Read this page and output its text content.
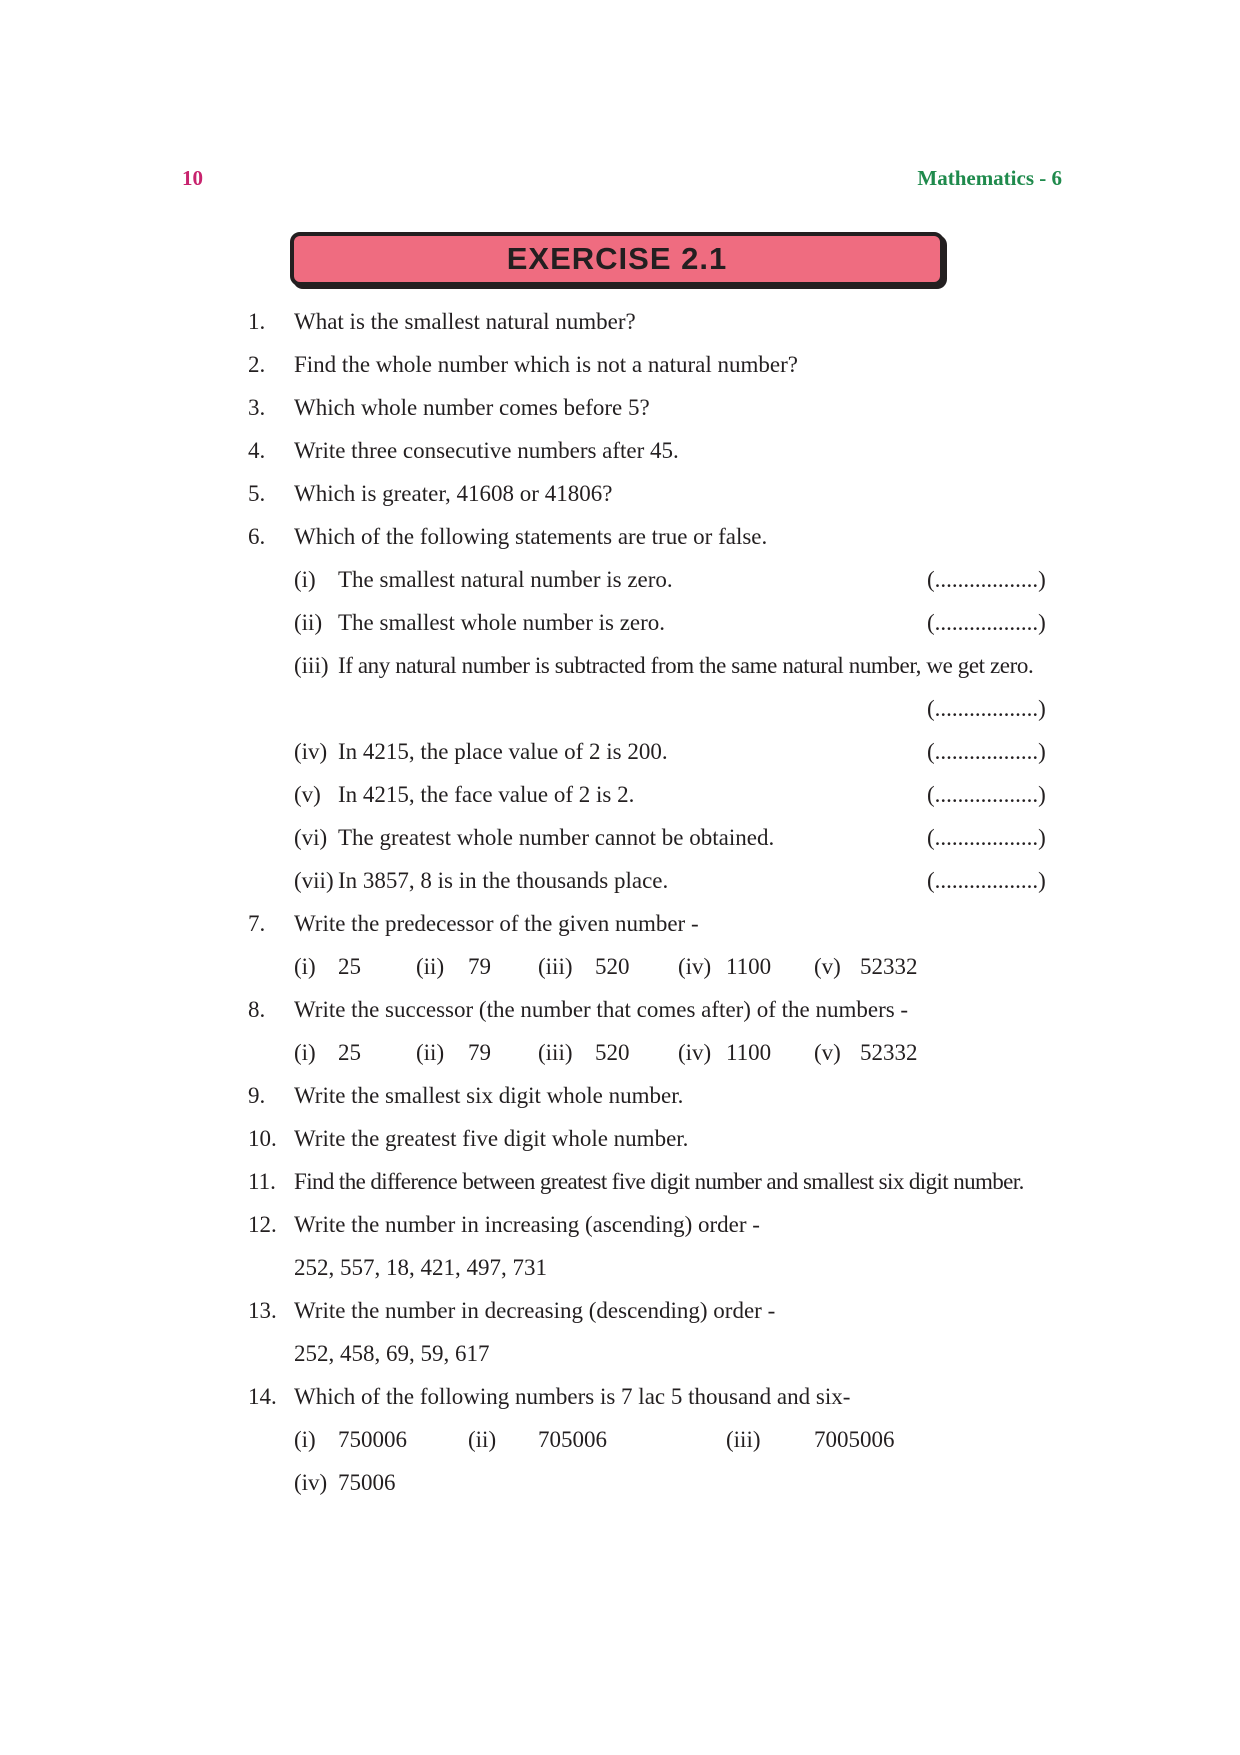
10	Mathematics - 6
EXERCISE 2.1
1. What is the smallest natural number?
2. Find the whole number which is not a natural number?
3. Which whole number comes before 5?
4. Write three consecutive numbers after 45.
5. Which is greater, 41608 or 41806?
6. Which of the following statements are true or false.
(i) The smallest natural number is zero.	(..................)
(ii) The smallest whole number is zero.	(..................)
(iii) If any natural number is subtracted from the same natural number, we get zero.
(..................)
(iv) In 4215, the place value of 2 is 200.	(..................)
(v) In 4215, the face value of 2 is 2.	(..................)
(vi) The greatest whole number cannot be obtained.	(..................)
(vii) In 3857, 8 is in the thousands place.	(..................)
7. Write the predecessor of the given number -
(i) 25 (ii) 79 (iii) 520 (iv) 1100 (v) 52332
8. Write the successor (the number that comes after) of the numbers -
(i) 25 (ii) 79 (iii) 520 (iv) 1100 (v) 52332
9. Write the smallest six digit whole number.
10. Write the greatest five digit whole number.
11. Find the difference between greatest five digit number and smallest six digit number.
12. Write the number in increasing (ascending) order -
252, 557, 18, 421, 497, 731
13. Write the number in decreasing (descending) order -
252, 458, 69, 59, 617
14. Which of the following numbers is 7 lac 5 thousand and six-
(i) 750006	(ii) 705006	(iii) 7005006
(iv) 75006
